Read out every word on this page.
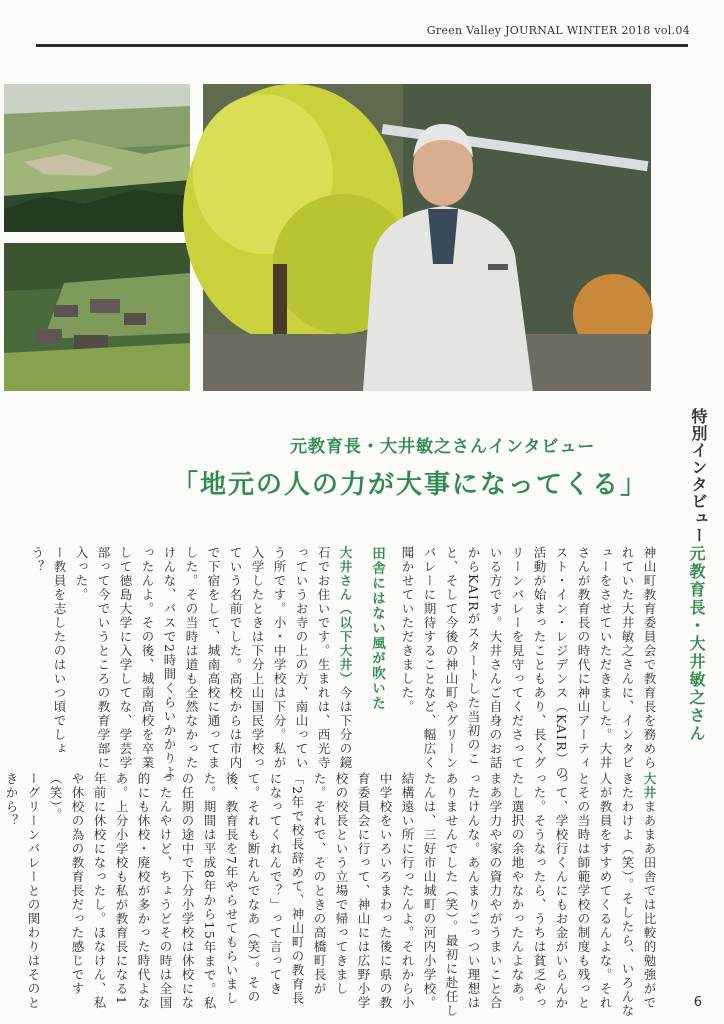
Green Valley JOURNAL WINTER 2018 vol.04
特別インタビュー
元教育長・大井敏之さんインタビュー
「地元の人の力が大事になってくる」
元教育長・大井敏之さん

神山町教育委員会で教育長を務められていた大井敏之さんに、インタビューをさせていただきました。大井さんが教育長の時代に神山アーティスト・イン・レジデンス（KAIR）の活動が始まったこともあり、長くグリーンバレーを見守ってくださっている方です。大井さんご自身のお話からKAIRがスタートした当初のこと、そして今後の神山町やグリーンバレーに期待することなど、幅広く聞かせていただきました。

田舎にはない風が吹いた

大井さん（以下大井）今は下分の鏡石でお住いです。生まれは、西光寺っていうお寺の上の方、南山っていう所です。小・中学校は下分。私が入学したときは下分上山国民学校っていう名前でした。高校からは市内で下宿をして、城南高校に通ってました。その当時は道も全然なかったけんな、バスで2時間くらいかかりよったんよ。その後、城南高校を卒業して徳島大学に入学してな、学芸学部って今でいうところの教育学部に入った。

ー教員を志したのはいつ頃でしょう？

大井まあまあ田舎では比較的勉強ができたわけよ（笑）。そしたら、いろんな人が教員をすすめてくるんよな。それとその当時は師範学校の制度も残っとって、学校行くんにもお金がいらんかった。そうなったら、うちは貧乏やったし選択の余地やなかったんよなあ。まあ学力や家の資力やがうまいこと合ったけんな。あんまりごっつい理想はありませんでした（笑）。最初に赴任したんは、三好市山城町の河内小学校。結構遠い所に行ったんよ。それから小中学校をいろいろまわった後に県の教育委員会に行って、神山には広野小学校の校長という立場で帰ってきました。それで、そのときの高橋町長が「2年で校長辞めて、神山町の教育長になってくれんで？」って言ってきて。それも断れんでなあ（笑）。その後、教育長を7年やらせてもらいました。期間は平成8年から15年まで。私の任期の途中で下分小学校は休校になったんやけど、ちょうどその時は全国的にも休校・廃校が多かった時代よなあ。上分小学校も私が教育長になる1年前に休校になったし。ほなけん、私や休校の為の教育長だった感じです（笑）。

ーグリーンバレーとの関わりはそのときから？

6
